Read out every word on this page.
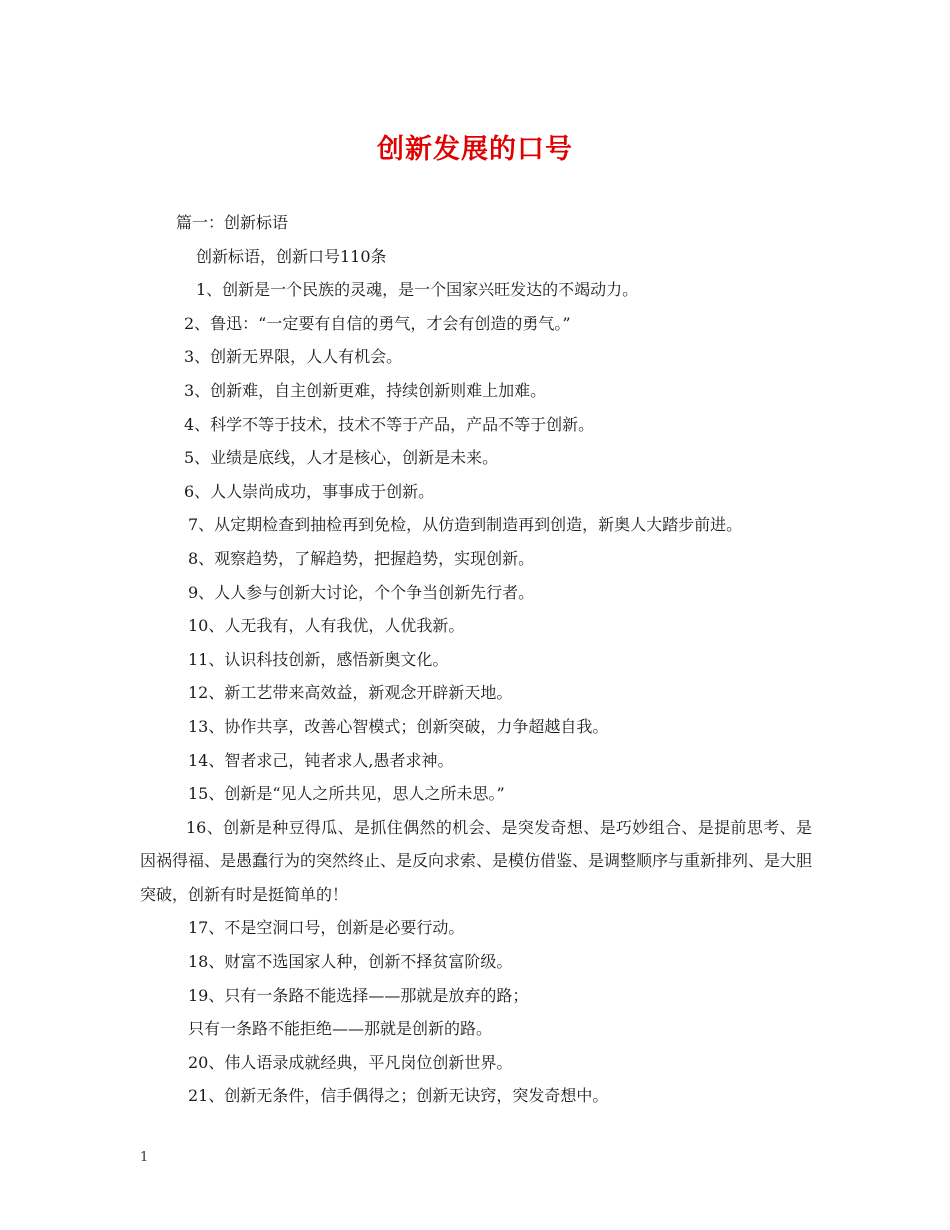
创新发展的口号
篇一：创新标语
创新标语，创新口号110条
1、创新是一个民族的灵魂，是一个国家兴旺发达的不竭动力。
2、鲁迅：“一定要有自信的勇气，才会有创造的勇气。”
3、创新无界限，人人有机会。
3、创新难，自主创新更难，持续创新则难上加难。
4、科学不等于技术，技术不等于产品，产品不等于创新。
5、业绩是底线，人才是核心，创新是未来。
6、人人崇尚成功，事事成于创新。
7、从定期检查到抽检再到免检，从仿造到制造再到创造，新奥人大踏步前进。
8、观察趋势，了解趋势，把握趋势，实现创新。
9、人人参与创新大讨论，个个争当创新先行者。
10、人无我有，人有我优，人优我新。
11、认识科技创新，感悟新奥文化。
12、新工艺带来高效益，新观念开辟新天地。
13、协作共享，改善心智模式；创新突破，力争超越自我。
14、智者求己，钝者求人,愚者求神。
15、创新是“见人之所共见，思人之所未思。”
16、创新是种豆得瓜、是抓住偶然的机会、是突发奇想、是巧妙组合、是提前思考、是因祸得福、是愚蠢行为的突然终止、是反向求索、是模仿借鉴、是调整顺序与重新排列、是大胆突破，创新有时是挺简单的！
17、不是空洞口号，创新是必要行动。
18、财富不选国家人种，创新不择贫富阶级。
19、只有一条路不能选择——那就是放弃的路；
只有一条路不能拒绝——那就是创新的路。
20、伟人语录成就经典，平凡岗位创新世界。
21、创新无条件，信手偶得之；创新无诀窍，突发奇想中。
1
